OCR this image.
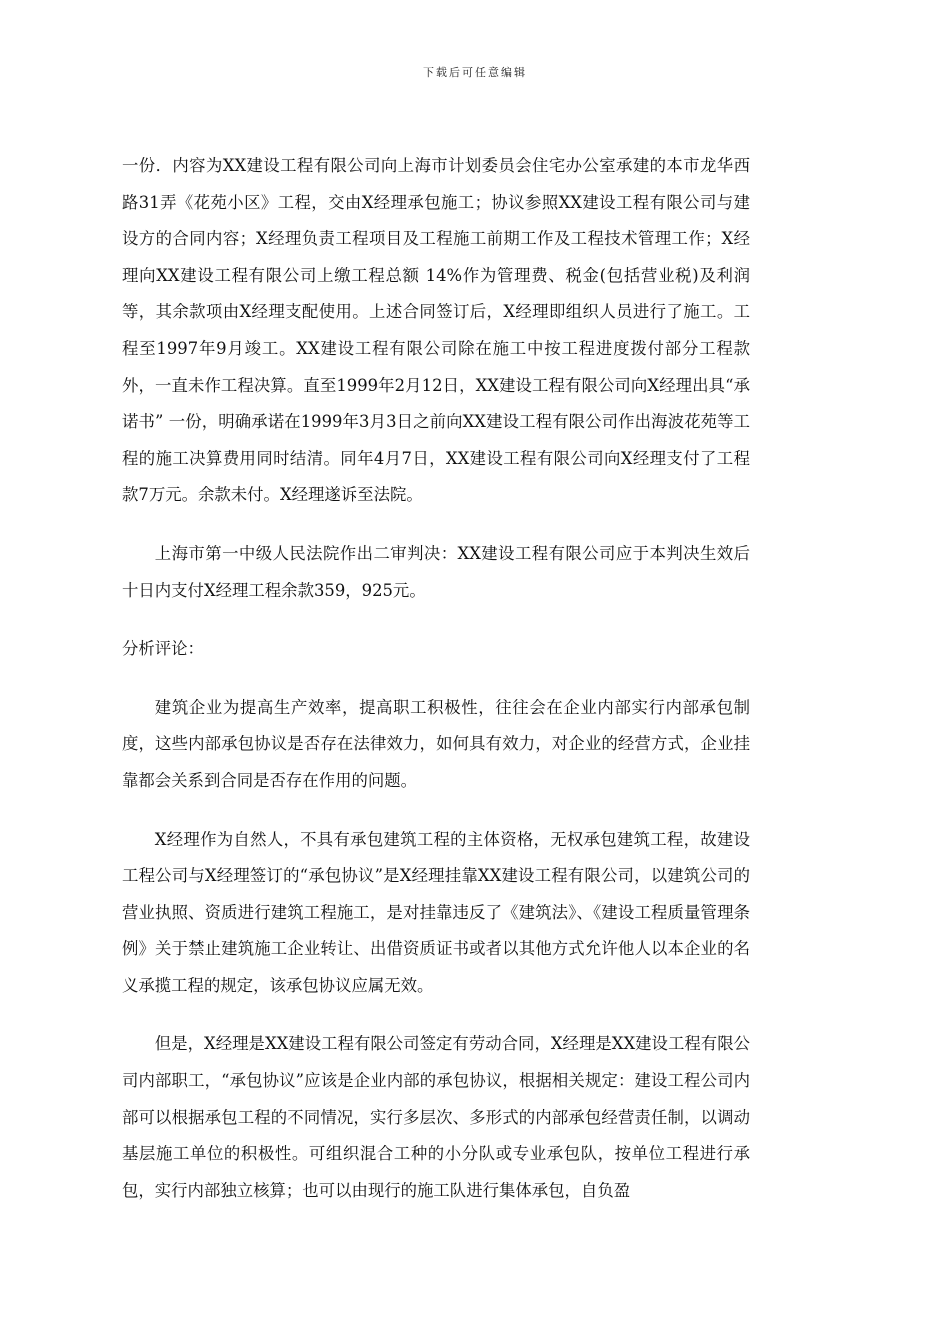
下载后可任意编辑

一份．内容为XX建设工程有限公司向上海市计划委员会住宅办公室承建的本市龙华西路31弄《花苑小区》工程，交由X经理承包施工；协议参照XX建设工程有限公司与建设方的合同内容；X经理负责工程项目及工程施工前期工作及工程技术管理工作；X经理向XX建设工程有限公司上缴工程总额 14%作为管理费、税金(包括营业税)及利润等，其余款项由X经理支配使用。上述合同签订后，X经理即组织人员进行了施工。工程至1997年9月竣工。XX建设工程有限公司除在施工中按工程进度拨付部分工程款外，一直未作工程决算。直至1999年2月12日，XX建设工程有限公司向X经理出具“承诺书” 一份，明确承诺在1999年3月3日之前向XX建设工程有限公司作出海波花苑等工程的施工决算费用同时结清。同年4月7日，XX建设工程有限公司向X经理支付了工程款7万元。余款未付。X经理遂诉至法院。

上海市第一中级人民法院作出二审判决：XX建设工程有限公司应于本判决生效后十日内支付X经理工程余款359，925元。

分析评论：

建筑企业为提高生产效率，提高职工积极性，往往会在企业内部实行内部承包制度，这些内部承包协议是否存在法律效力，如何具有效力，对企业的经营方式，企业挂靠都会关系到合同是否存在作用的问题。

X经理作为自然人，不具有承包建筑工程的主体资格，无权承包建筑工程，故建设工程公司与X经理签订的“承包协议”是X经理挂靠XX建设工程有限公司，以建筑公司的营业执照、资质进行建筑工程施工，是对挂靠违反了《建筑法》、《建设工程质量管理条例》关于禁止建筑施工企业转让、出借资质证书或者以其他方式允许他人以本企业的名义承揽工程的规定，该承包协议应属无效。

但是，X经理是XX建设工程有限公司签定有劳动合同，X经理是XX建设工程有限公司内部职工，“承包协议”应该是企业内部的承包协议，根据相关规定：建设工程公司内部可以根据承包工程的不同情况，实行多层次、多形式的内部承包经营责任制，以调动基层施工单位的积极性。可组织混合工种的小分队或专业承包队，按单位工程进行承包，实行内部独立核算；也可以由现行的施工队进行集体承包，自负盈
